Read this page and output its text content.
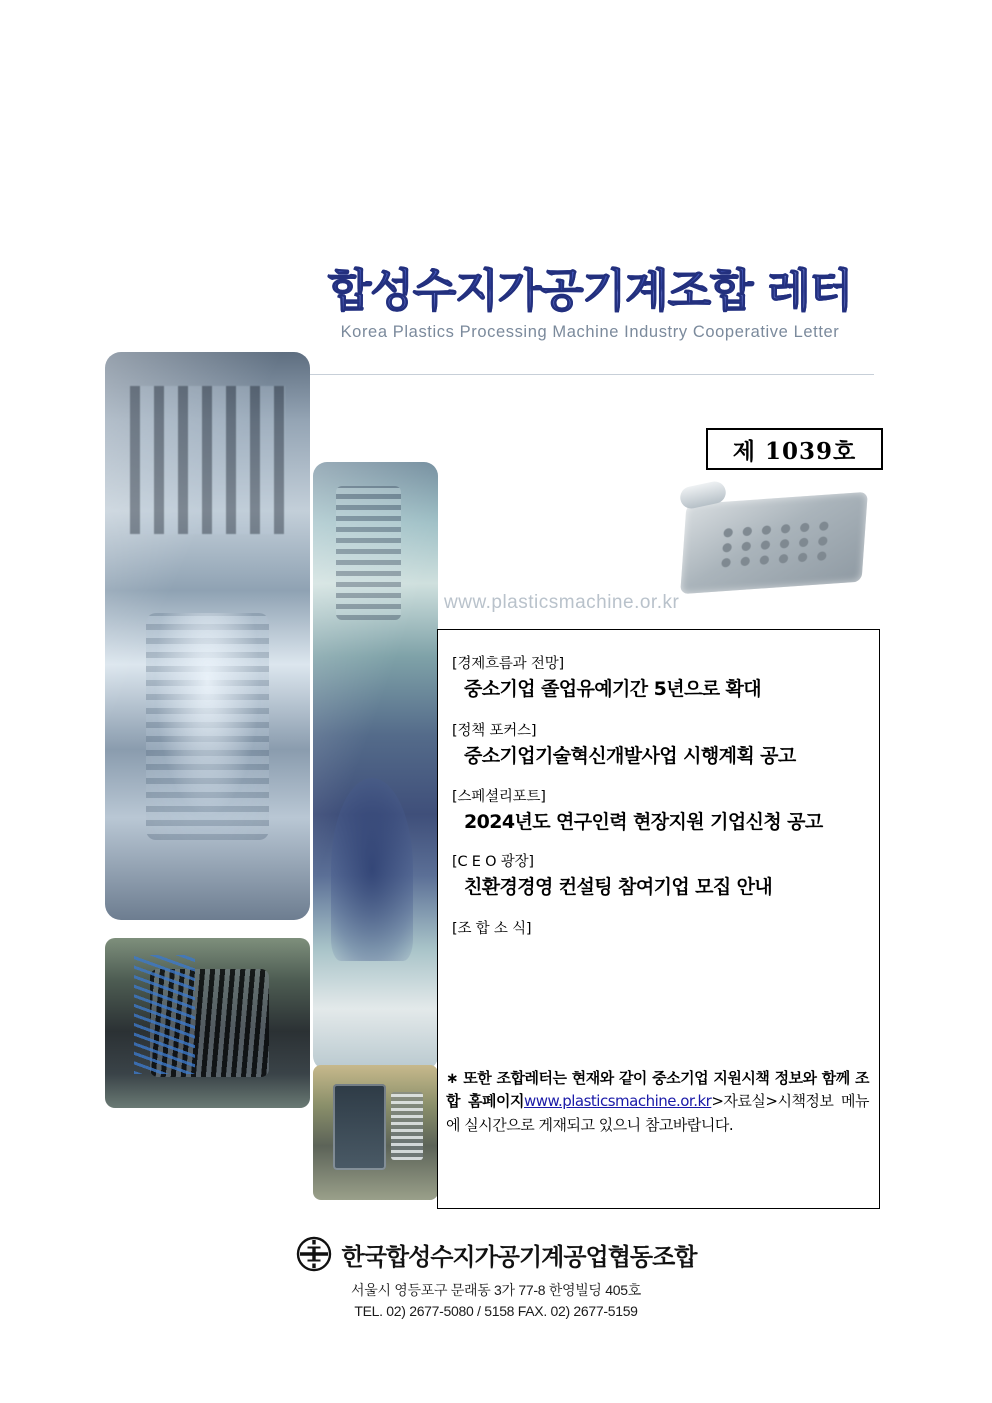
합성수지가공기계조합 레터
Korea Plastics Processing Machine Industry Cooperative Letter
제 1039호
www.plasticsmachine.or.kr
[경제흐름과 전망]
중소기업 졸업유예기간 5년으로 확대
[정책 포커스]
중소기업기술혁신개발사업 시행계획 공고
[스페셜리포트]
2024년도 연구인력 현장지원 기업신청 공고
[C E O 광장]
친환경경영 컨설팅 참여기업 모집 안내
[조 합 소 식]
∗ 또한 조합레터는 현재와 같이 중소기업 지원시책 정보와 함께 조합 홈페이지www.plasticsmachine.or.kr>자료실>시책정보 메뉴에 실시간으로 게재되고 있으니 참고바랍니다.
한국합성수지가공기계공업협동조합
서울시 영등포구 문래동 3가 77-8 한영빌딩 405호
TEL. 02) 2677-5080 / 5158 FAX. 02) 2677-5159
